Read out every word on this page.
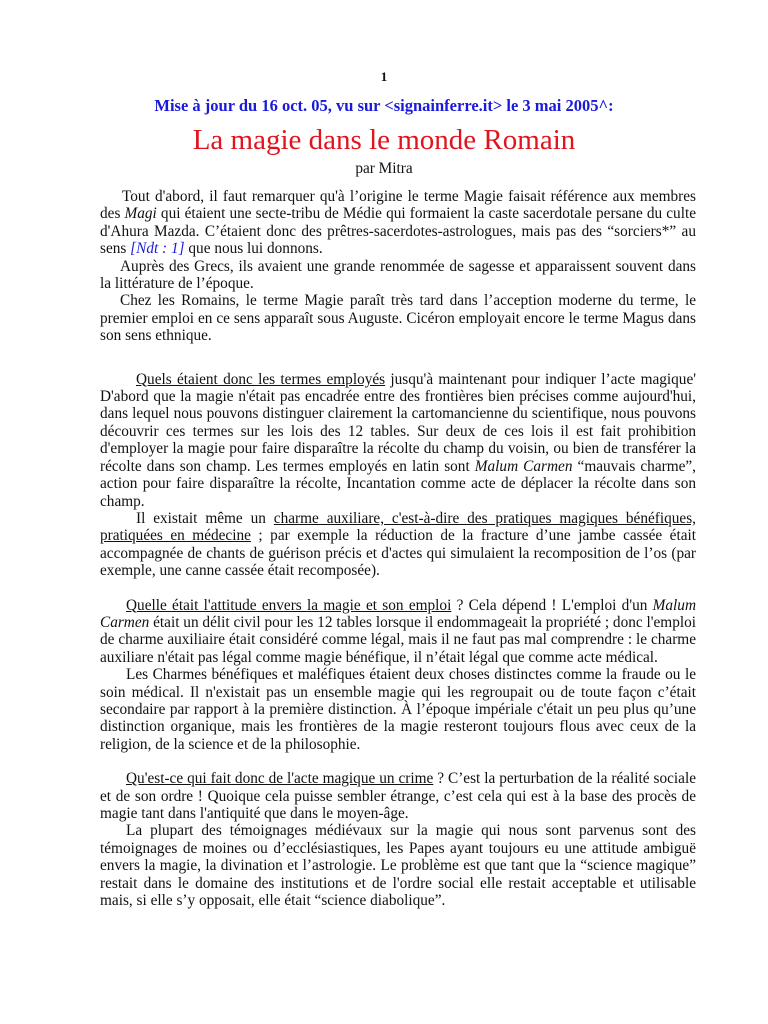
1
Mise à jour du 16 oct. 05, vu sur <signainferre.it> le 3 mai 2005^:
La magie dans le monde Romain
par Mitra

Tout d'abord, il faut remarquer qu'à l’origine le terme Magie faisait référence aux membres des Magi qui étaient une secte-tribu de Médie qui formaient la caste sacerdotale persane du culte d'Ahura Mazda. C’étaient donc des prêtres-sacerdotes-astrologues, mais pas des “sorciers*” au sens [Ndt : 1] que nous lui donnons.

Auprès des Grecs, ils avaient une grande renommée de sagesse et apparaissent souvent dans la littérature de l’époque.

Chez les Romains, le terme Magie paraît très tard dans l’acception moderne du terme, le premier emploi en ce sens apparaît sous Auguste. Cicéron employait encore le terme Magus dans son sens ethnique.

Quels étaient donc les termes employés jusqu'à maintenant pour indiquer l’acte magique' D'abord que la magie n'était pas encadrée entre des frontières bien précises comme aujourd'hui, dans lequel nous pouvons distinguer clairement la cartomancienne du scientifique, nous pouvons découvrir ces termes sur les lois des 12 tables. Sur deux de ces lois il est fait prohibition d'employer la magie pour faire disparaître la récolte du champ du voisin, ou bien de transférer la récolte dans son champ. Les termes employés en latin sont Malum Carmen “mauvais charme”, action pour faire disparaître la récolte, Incantation comme acte de déplacer la récolte dans son champ.

Il existait même un charme auxiliare, c'est-à-dire des pratiques magiques bénéfiques, pratiquées en médecine ; par exemple la réduction de la fracture d’une jambe cassée était accompagnée de chants de guérison précis et d'actes qui simulaient la recomposition de l’os (par exemple, une canne cassée était recomposée).

Quelle était l'attitude envers la magie et son emploi ? Cela dépend ! L'emploi d'un Malum Carmen était un délit civil pour les 12 tables lorsque il endommageait la propriété ; donc l'emploi de charme auxiliaire était considéré comme légal, mais il ne faut pas mal comprendre : le charme auxiliare n'était pas légal comme magie bénéfique, il n’était légal que comme acte médical.

Les Charmes bénéfiques et maléfiques étaient deux choses distinctes comme la fraude ou le soin médical. Il n'existait pas un ensemble magie qui les regroupait ou de toute façon c’était secondaire par rapport à la première distinction. À l’époque impériale c'était un peu plus qu’une distinction organique, mais les frontières de la magie resteront toujours flous avec ceux de la religion, de la science et de la philosophie.

Qu'est-ce qui fait donc de l'acte magique un crime ? C’est la perturbation de la réalité sociale et de son ordre ! Quoique cela puisse sembler étrange, c’est cela qui est à la base des procès de magie tant dans l'antiquité que dans le moyen-âge.

La plupart des témoignages médiévaux sur la magie qui nous sont parvenus sont des témoignages de moines ou d’ecclésiastiques, les Papes ayant toujours eu une attitude ambiguë envers la magie, la divination et l’astrologie. Le problème est que tant que la “science magique” restait dans le domaine des institutions et de l'ordre social elle restait acceptable et utilisable mais, si elle s’y opposait, elle était “science diabolique”.
